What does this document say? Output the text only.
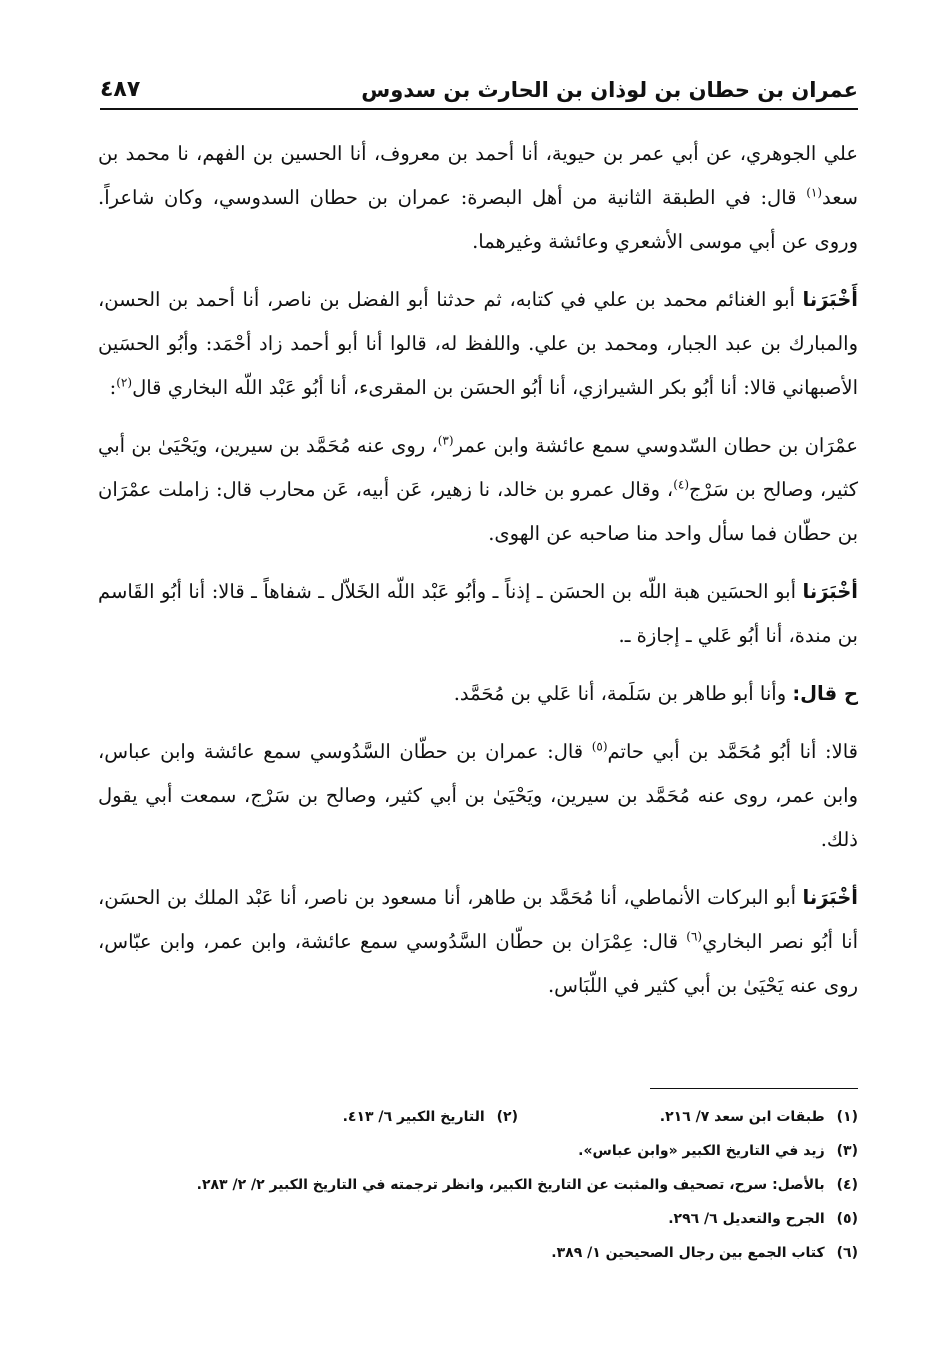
عمران بن حطان بن لوذان بن الحارث بن سدوس
٤٨٧

علي الجوهري، عن أبي عمر بن حيوية، أنا أحمد بن معروف، أنا الحسين بن الفهم، نا محمد بن سعد$^{(١)}$ قال: في الطبقة الثانية من أهل البصرة: عمران بن حطان السدوسي، وكان شاعراً. وروى عن أبي موسى الأشعري وعائشة وغيرهما.

أَخْبَرَنا أبو الغنائم محمد بن علي في كتابه، ثم حدثنا أبو الفضل بن ناصر، أنا أحمد بن الحسن، والمبارك بن عبد الجبار، ومحمد بن علي. واللفظ له، قالوا أنا أبو أحمد زاد أحْمَد: وأبُو الحسَين الأصبهاني قالا: أنا أبُو بكر الشيرازي، أنا أبُو الحسَن بن المقرىء، أنا أبُو عَبْد اللّه البخاري قال$^{(٢)}$:

عمْرَان بن حطان السّدوسي سمع عائشة وابن عمر$^{(٣)}$، روى عنه مُحَمَّد بن سيرين، ويَحْيَىٰ بن أبي كثير، وصالح بن سَرْج$^{(٤)}$، وقال عمرو بن خالد، نا زهير، عَن أبيه، عَن محارب قال: زاملت عمْرَان بن حطّان فما سأل واحد منا صاحبه عن الهوى.

أخْبَرَنا أبو الحسَين هبة اللّه بن الحسَن ـ إذناً ـ وأبُو عَبْد اللّه الخَلاّل ـ شفاهاً ـ قالا: أنا أبُو القَاسم بن مندة، أنا أبُو عَلي ـ إجازة ـ.

ح قال: وأنا أبو طاهر بن سَلَمة، أنا عَلي بن مُحَمَّد.

قالا: أنا أبُو مُحَمَّد بن أبي حاتم$^{(٥)}$ قال: عمران بن حطّان السَّدُوسي سمع عائشة وابن عباس، وابن عمر، روى عنه مُحَمَّد بن سيرين، ويَحْيَىٰ بن أبي كثير، وصالح بن سَرْج، سمعت أبي يقول ذلك.

أخْبَرَنا أبو البركات الأنماطي، أنا مُحَمَّد بن طاهر، أنا مسعود بن ناصر، أنا عَبْد الملك بن الحسَن، أنا أبُو نصر البخاري$^{(٦)}$ قال: عِمْرَان بن حطّان السَّدُوسي سمع عائشة، وابن عمر، وابن عبّاس، روى عنه يَحْيَىٰ بن أبي كثير في اللّبَاس.

(١)
طبقات ابن سعد ٧/ ٢١٦.
(٢)
التاريخ الكبير ٦/ ٤١٣.
(٣)
زيد في التاريخ الكبير «وابن عباس».
(٤)
بالأصل: سرح، تصحيف والمثبت عن التاريخ الكبير، وانظر ترجمته في التاريخ الكبير ٢/ ٢/ ٢٨٣.
(٥)
الجرح والتعديل ٦/ ٢٩٦.
(٦)
كتاب الجمع بين رجال الصحيحين ١/ ٣٨٩.
